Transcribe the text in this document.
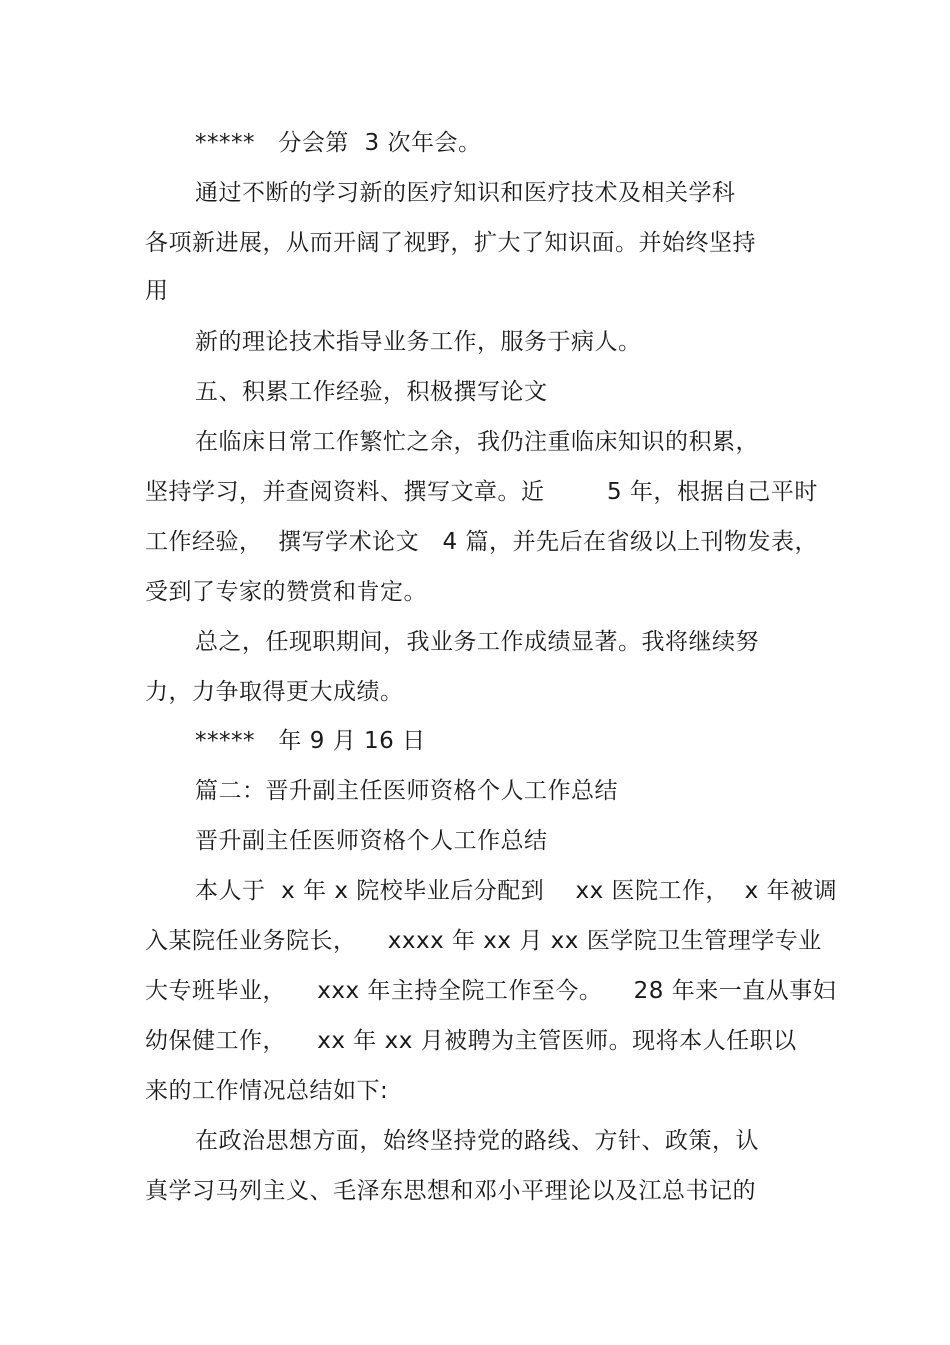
*****   分会第  3 次年会。
通过不断的学习新的医疗知识和医疗技术及相关学科
各项新进展，从而开阔了视野，扩大了知识面。并始终坚持
用
新的理论技术指导业务工作，服务于病人。
五、积累工作经验，积极撰写论文
在临床日常工作繁忙之余，我仍注重临床知识的积累，
坚持学习，并查阅资料、撰写文章。近        5 年，根据自己平时
工作经验，  撰写学术论文   4 篇，并先后在省级以上刊物发表，
受到了专家的赞赏和肯定。
总之，任现职期间，我业务工作成绩显著。我将继续努
力，力争取得更大成绩。
*****   年 9 月 16 日
篇二：晋升副主任医师资格个人工作总结
晋升副主任医师资格个人工作总结
本人于  x 年 x 院校毕业后分配到    xx 医院工作，  x 年被调
入某院任业务院长，    xxxx 年 xx 月 xx 医学院卫生管理学专业
大专班毕业，    xxx 年主持全院工作至今。    28 年来一直从事妇
幼保健工作，    xx 年 xx 月被聘为主管医师。现将本人任职以
来的工作情况总结如下:
在政治思想方面，始终坚持党的路线、方针、政策，认
真学习马列主义、毛泽东思想和邓小平理论以及江总书记的
